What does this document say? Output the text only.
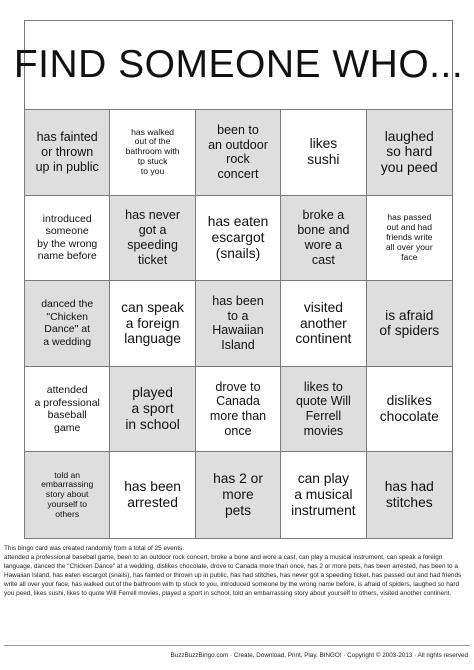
FIND SOMEONE WHO...
has fainted
or thrown
up in public
has walked
out of the
bathroom with
tp stuck
to you
been to
an outdoor
rock
concert
likes
sushi
laughed
so hard
you peed
introduced
someone
by the wrong
name before
has never
got a
speeding
ticket
has eaten
escargot
(snails)
broke a
bone and
wore a
cast
has passed
out and had
friends write
all over your
face
danced the
"Chicken
Dance" at
a wedding
can speak
a foreign
language
has been
to a
Hawaiian
Island
visited
another
continent
is afraid
of spiders
attended
a professional
baseball
game
played
a sport
in school
drove to
Canada
more than
once
likes to
quote Will
Ferrell
movies
dislikes
chocolate
told an
embarrassing
story about
yourself to
others
has been
arrested
has 2 or
more
pets
can play
a musical
instrument
has had
stitches

This bingo card was created randomly from a total of 25 events.

attended a professional baseball game, been to an outdoor rock concert, broke a bone and wore a cast, can play a musical instrument, can speak a foreign language, danced the "Chicken Dance" at a wedding, dislikes chocolate, drove to Canada more than once, has 2 or more pets, has been arrested, has been to a Hawaiian Island, has eaten escargot (snails), has fainted or thrown up in public, has had stitches, has never got a speeding ticket, has passed out and had friends write all over your face, has walked out of the bathroom with tp stuck to you, introduced someone by the wrong name before, is afraid of spiders, laughed so hard you peed, likes sushi, likes to quote Will Ferrell movies, played a sport in school, told an embarrassing story about yourself to others, visited another continent.

BuzzBuzzBingo.com · Create, Download, Print, Play, BINGO! · Copyright © 2003-2013 · All rights reserved
